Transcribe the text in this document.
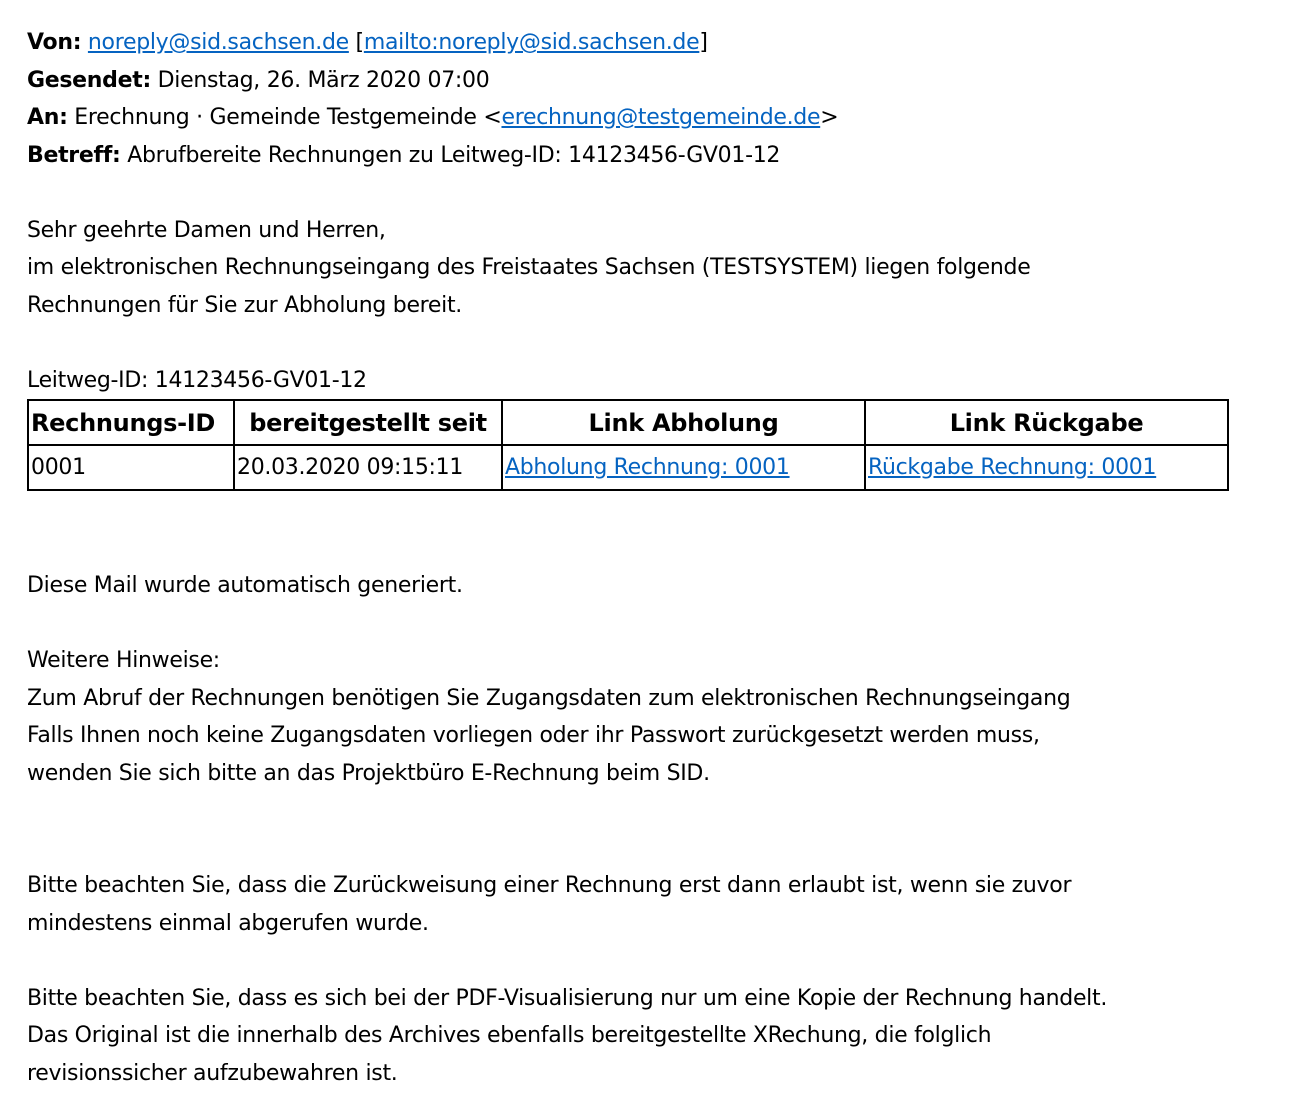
Von: noreply@sid.sachsen.de [mailto:noreply@sid.sachsen.de]
Gesendet: Dienstag, 26. März 2020 07:00
An: Erechnung · Gemeinde Testgemeinde <erechnung@testgemeinde.de>
Betreff: Abrufbereite Rechnungen zu Leitweg-ID: 14123456-GV01-12
Sehr geehrte Damen und Herren,
im elektronischen Rechnungseingang des Freistaates Sachsen (TESTSYSTEM) liegen folgende
Rechnungen für Sie zur Abholung bereit.
Leitweg-ID: 14123456-GV01-12
Rechnungs-ID	bereitgestellt seit	Link Abholung	Link Rückgabe
0001	20.03.2020 09:15:11	Abholung Rechnung: 0001	Rückgabe Rechnung: 0001
Diese Mail wurde automatisch generiert.
Weitere Hinweise:
Zum Abruf der Rechnungen benötigen Sie Zugangsdaten zum elektronischen Rechnungseingang
Falls Ihnen noch keine Zugangsdaten vorliegen oder ihr Passwort zurückgesetzt werden muss,
wenden Sie sich bitte an das Projektbüro E-Rechnung beim SID.
Bitte beachten Sie, dass die Zurückweisung einer Rechnung erst dann erlaubt ist, wenn sie zuvor
mindestens einmal abgerufen wurde.
Bitte beachten Sie, dass es sich bei der PDF-Visualisierung nur um eine Kopie der Rechnung handelt.
Das Original ist die innerhalb des Archives ebenfalls bereitgestellte XRechung, die folglich
revisionssicher aufzubewahren ist.
